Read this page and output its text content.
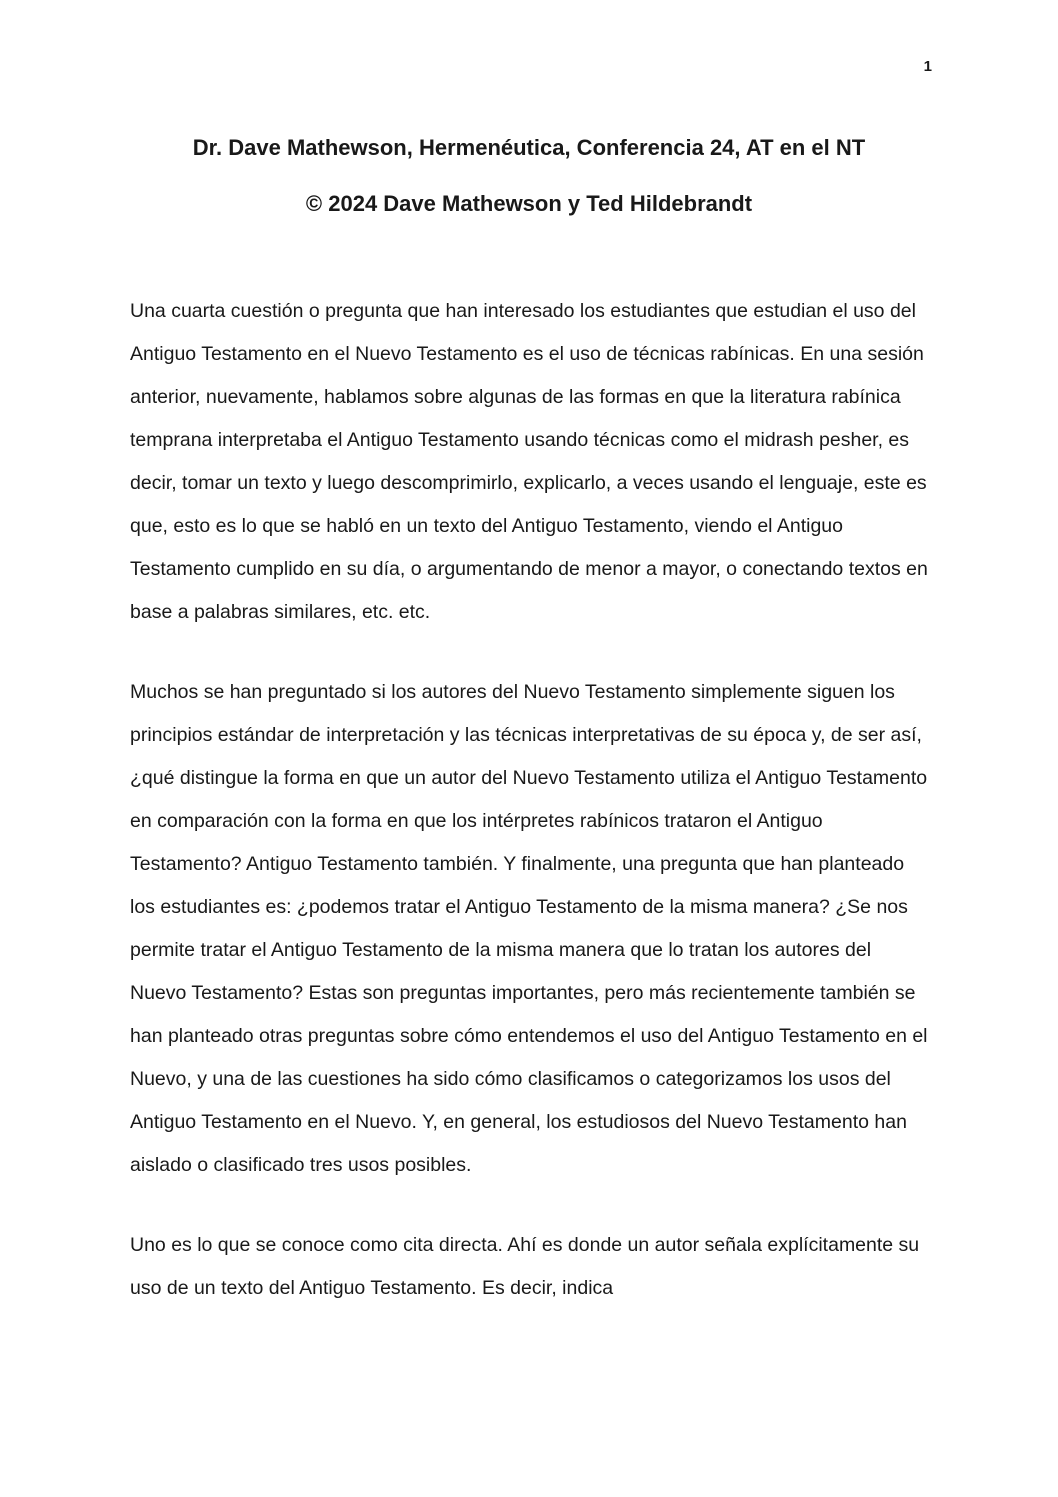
1
Dr. Dave Mathewson, Hermenéutica, Conferencia 24, AT en el NT
© 2024 Dave Mathewson y Ted Hildebrandt

Una cuarta cuestión o pregunta que han interesado los estudiantes que estudian el uso del Antiguo Testamento en el Nuevo Testamento es el uso de técnicas rabínicas. En una sesión anterior, nuevamente, hablamos sobre algunas de las formas en que la literatura rabínica temprana interpretaba el Antiguo Testamento usando técnicas como el midrash pesher, es decir, tomar un texto y luego descomprimirlo, explicarlo, a veces usando el lenguaje, este es que, esto es lo que se habló en un texto del Antiguo Testamento, viendo el Antiguo Testamento cumplido en su día, o argumentando de menor a mayor, o conectando textos en base a palabras similares, etc. etc.

Muchos se han preguntado si los autores del Nuevo Testamento simplemente siguen los principios estándar de interpretación y las técnicas interpretativas de su época y, de ser así, ¿qué distingue la forma en que un autor del Nuevo Testamento utiliza el Antiguo Testamento en comparación con la forma en que los intérpretes rabínicos trataron el Antiguo Testamento? Antiguo Testamento también. Y finalmente, una pregunta que han planteado los estudiantes es: ¿podemos tratar el Antiguo Testamento de la misma manera? ¿Se nos permite tratar el Antiguo Testamento de la misma manera que lo tratan los autores del Nuevo Testamento? Estas son preguntas importantes, pero más recientemente también se han planteado otras preguntas sobre cómo entendemos el uso del Antiguo Testamento en el Nuevo, y una de las cuestiones ha sido cómo clasificamos o categorizamos los usos del Antiguo Testamento en el Nuevo. Y, en general, los estudiosos del Nuevo Testamento han aislado o clasificado tres usos posibles.

Uno es lo que se conoce como cita directa. Ahí es donde un autor señala explícitamente su uso de un texto del Antiguo Testamento. Es decir, indica
